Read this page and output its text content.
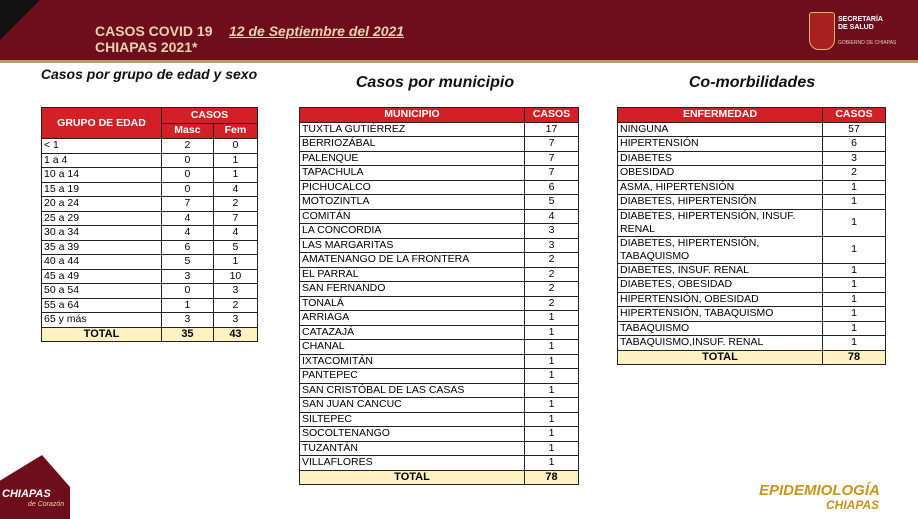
CASOS COVID 19 12 de Septiembre del 2021
CHIAPAS 2021*
SECRETARÍA
DE SALUD
GOBIERNO DE CHIAPAS
Casos por grupo de edad y sexo	Casos por municipio	Co-morbilidades
GRUPO DE EDAD	CASOS	
	Masc	Fem
< 1	2	0
1 a 4	0	1
10 a 14	0	1
15 a 19	0	4
20 a 24	7	2
25 a 29	4	7
30 a 34	4	4
35 a 39	6	5
40 a 44	5	1
45 a 49	3	10
50 a 54	0	3
55 a 64	1	2
65 y más	3	3
TOTAL	35	43
MUNICIPIO	CASOS
TUXTLA GUTIÉRREZ	17
BERRIOZÁBAL	7
PALENQUE	7
TAPACHULA	7
PICHUCALCO	6
MOTOZINTLA	5
COMITÁN	4
LA CONCORDIA	3
LAS MARGARITAS	3
AMATENANGO DE LA FRONTERA	2
EL PARRAL	2
SAN FERNANDO	2
TONALÁ	2
ARRIAGA	1
CATAZAJÁ	1
CHANAL	1
IXTACOMITÁN	1
PANTEPEC	1
SAN CRISTÓBAL DE LAS CASAS	1
SAN JUAN CANCUC	1
SILTEPEC	1
SOCOLTENANGO	1
TUZANTÁN	1
VILLAFLORES	1
TOTAL	78
ENFERMEDAD	CASOS
NINGUNA	57
HIPERTENSIÓN	6
DIABETES	3
OBESIDAD	2
ASMA, HIPERTENSIÓN	1
DIABETES, HIPERTENSIÓN	1
DIABETES, HIPERTENSIÓN, INSUF. RENAL	1
DIABETES, HIPERTENSIÓN, TABAQUISMO	1
DIABETES, INSUF. RENAL	1
DIABETES, OBESIDAD	1
HIPERTENSIÓN, OBESIDAD	1
HIPERTENSIÓN, TABAQUISMO	1
TABAQUISMO	1
TABAQUISMO,INSUF. RENAL	1
TOTAL	78
CHIAPAS
de Corazón
EPIDEMIOLOGÍA
CHIAPAS
